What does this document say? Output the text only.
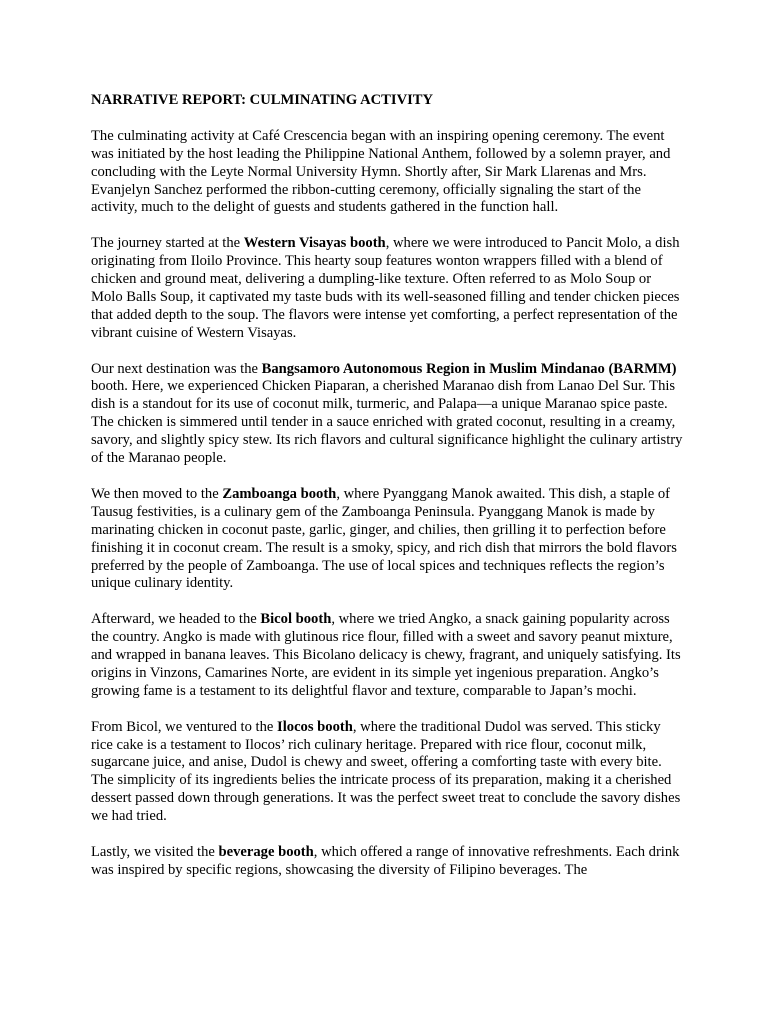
NARRATIVE REPORT: CULMINATING ACTIVITY

The culminating activity at Café Crescencia began with an inspiring opening ceremony. The event was initiated by the host leading the Philippine National Anthem, followed by a solemn prayer, and concluding with the Leyte Normal University Hymn. Shortly after, Sir Mark Llarenas and Mrs. Evanjelyn Sanchez performed the ribbon-cutting ceremony, officially signaling the start of the activity, much to the delight of guests and students gathered in the function hall.

The journey started at the Western Visayas booth, where we were introduced to Pancit Molo, a dish originating from Iloilo Province. This hearty soup features wonton wrappers filled with a blend of chicken and ground meat, delivering a dumpling-like texture. Often referred to as Molo Soup or Molo Balls Soup, it captivated my taste buds with its well-seasoned filling and tender chicken pieces that added depth to the soup. The flavors were intense yet comforting, a perfect representation of the vibrant cuisine of Western Visayas.

Our next destination was the Bangsamoro Autonomous Region in Muslim Mindanao (BARMM) booth. Here, we experienced Chicken Piaparan, a cherished Maranao dish from Lanao Del Sur. This dish is a standout for its use of coconut milk, turmeric, and Palapa—a unique Maranao spice paste. The chicken is simmered until tender in a sauce enriched with grated coconut, resulting in a creamy, savory, and slightly spicy stew. Its rich flavors and cultural significance highlight the culinary artistry of the Maranao people.

We then moved to the Zamboanga booth, where Pyanggang Manok awaited. This dish, a staple of Tausug festivities, is a culinary gem of the Zamboanga Peninsula. Pyanggang Manok is made by marinating chicken in coconut paste, garlic, ginger, and chilies, then grilling it to perfection before finishing it in coconut cream. The result is a smoky, spicy, and rich dish that mirrors the bold flavors preferred by the people of Zamboanga. The use of local spices and techniques reflects the region’s unique culinary identity.

Afterward, we headed to the Bicol booth, where we tried Angko, a snack gaining popularity across the country. Angko is made with glutinous rice flour, filled with a sweet and savory peanut mixture, and wrapped in banana leaves. This Bicolano delicacy is chewy, fragrant, and uniquely satisfying. Its origins in Vinzons, Camarines Norte, are evident in its simple yet ingenious preparation. Angko’s growing fame is a testament to its delightful flavor and texture, comparable to Japan’s mochi.

From Bicol, we ventured to the Ilocos booth, where the traditional Dudol was served. This sticky rice cake is a testament to Ilocos’ rich culinary heritage. Prepared with rice flour, coconut milk, sugarcane juice, and anise, Dudol is chewy and sweet, offering a comforting taste with every bite. The simplicity of its ingredients belies the intricate process of its preparation, making it a cherished dessert passed down through generations. It was the perfect sweet treat to conclude the savory dishes we had tried.

Lastly, we visited the beverage booth, which offered a range of innovative refreshments. Each drink was inspired by specific regions, showcasing the diversity of Filipino beverages. The
